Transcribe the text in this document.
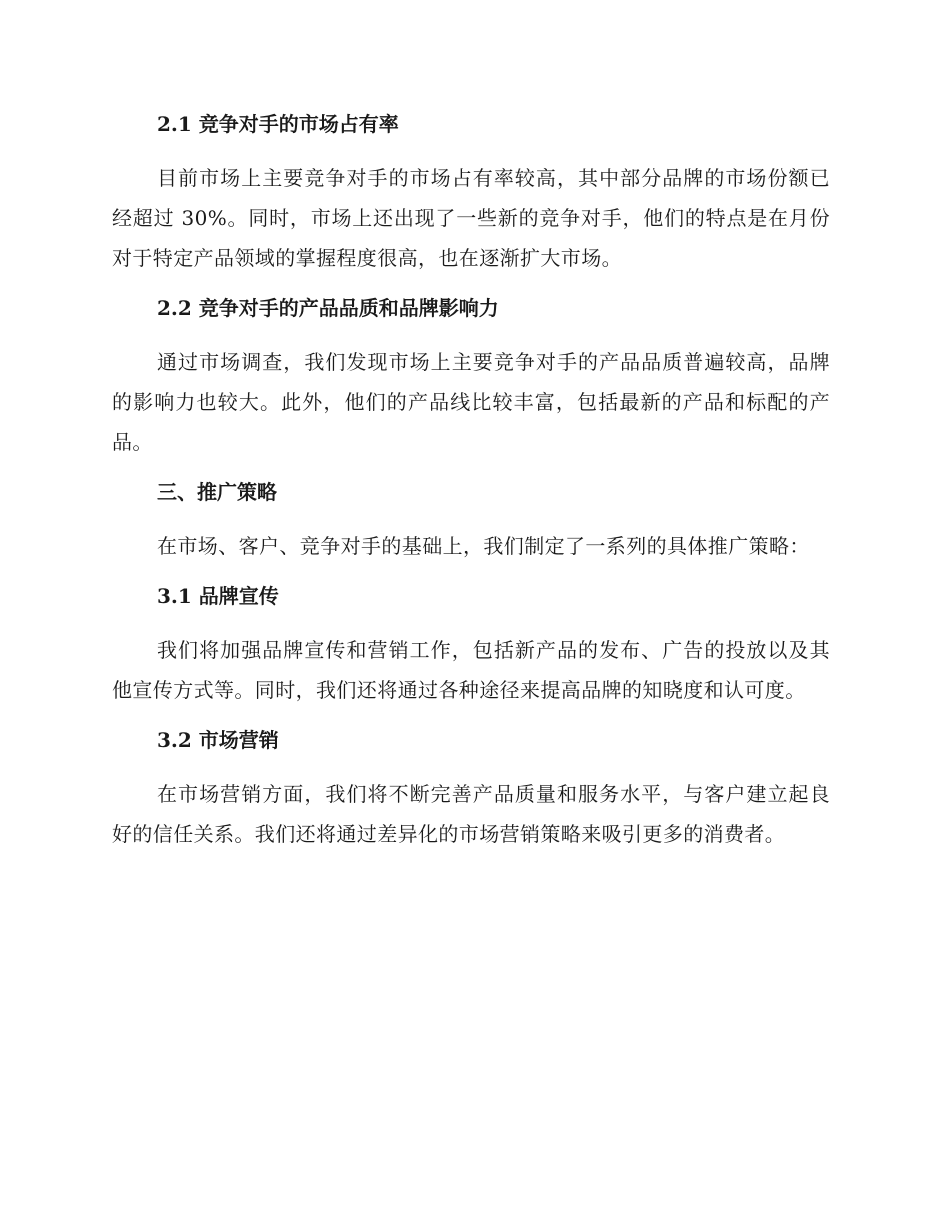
2.1 竞争对手的市场占有率

目前市场上主要竞争对手的市场占有率较高，其中部分品牌的市场份额已经超过 30%。同时，市场上还出现了一些新的竞争对手，他们的特点是在月份对于特定产品领域的掌握程度很高，也在逐渐扩大市场。

2.2 竞争对手的产品品质和品牌影响力

通过市场调查，我们发现市场上主要竞争对手的产品品质普遍较高，品牌的影响力也较大。此外，他们的产品线比较丰富，包括最新的产品和标配的产品。

三、推广策略

在市场、客户、竞争对手的基础上，我们制定了一系列的具体推广策略：

3.1 品牌宣传

我们将加强品牌宣传和营销工作，包括新产品的发布、广告的投放以及其他宣传方式等。同时，我们还将通过各种途径来提高品牌的知晓度和认可度。

3.2 市场营销

在市场营销方面，我们将不断完善产品质量和服务水平，与客户建立起良好的信任关系。我们还将通过差异化的市场营销策略来吸引更多的消费者。
